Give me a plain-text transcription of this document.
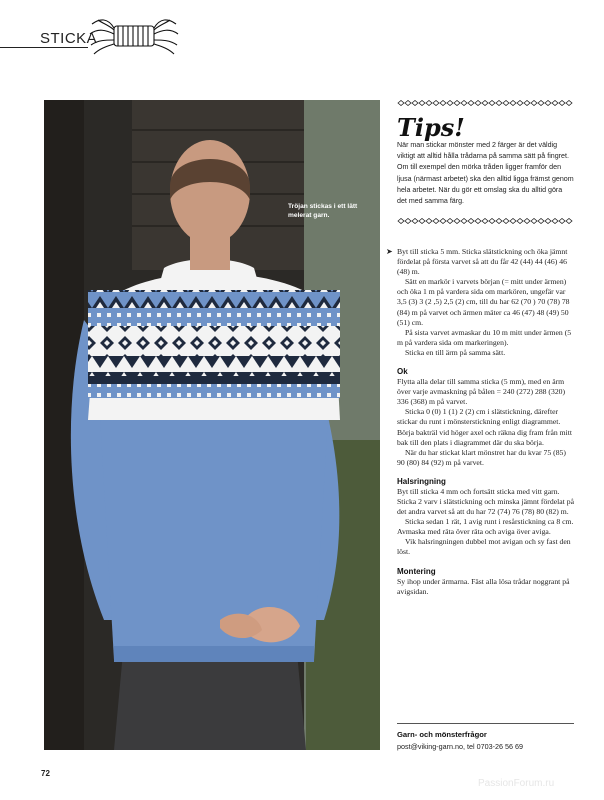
STICKA
Tröjan stickas i ett lätt melerat garn.
Tips!
När man stickar mönster med 2 färger är det väldig viktigt att alltid hålla trådarna på samma sätt på fingret. Om till exempel den mörka tråden ligger framför den ljusa (närmast arbetet) ska den alltid ligga främst genom hela arbetet. När du gör ett omslag ska du alltid göra det med samma färg.

➤ Byt till sticka 5 mm. Sticka slätstickning och öka jämnt fördelat på första varvet så att du får 42 (44) 44 (46) 46 (48) m.

Sätt en markör i varvets början (= mitt under ärmen) och öka 1 m på vardera sida om markören, ungefär var 3,5 (3) 3 (2 ,5) 2,5 (2) cm, till du har 62 (70 ) 70 (78) 78 (84) m på varvet och ärmen mäter ca 46 (47) 48 (49) 50 (51) cm.

På sista varvet avmaskar du 10 m mitt under ärmen (5 m på vardera sida om markeringen).

Sticka en till ärm på samma sätt.

Ok

Flytta alla delar till samma sticka (5 mm), med en ärm över varje avmaskning på bålen = 240 (272) 288 (320) 336 (368) m på varvet.

Sticka 0 (0) 1 (1) 2 (2) cm i slätstickning, därefter stickar du runt i mönsterstickning enligt diagrammet. Börja bakträl vid höger axel och räkna dig fram från mitt bak till den plats i diagrammet där du ska börja.

När du har stickat klart mönstret har du kvar 75 (85) 90 (80) 84 (92) m på varvet.

Halsringning

Byt till sticka 4 mm och fortsätt sticka med vitt garn. Sticka 2 varv i slätstickning och minska jämnt fördelat på det andra varvet så att du har 72 (74) 76 (78) 80 (82) m.

Sticka sedan 1 rät, 1 avig runt i resårstickning ca 8 cm. Avmaska med räta över räta och aviga över aviga.

Vik halsringningen dubbel mot avigan och sy fast den löst.

Montering

Sy ihop under ärmarna. Fäst alla lösa trådar noggrant på avigsidan.

Garn- och mönsterfrågor
post@viking-garn.no, tel 0703-26 56 69
72
PassionForum.ru
